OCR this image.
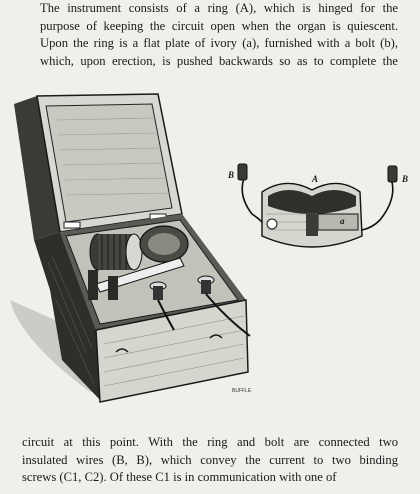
The instrument consists of a ring (A), which is hinged for the
purpose of keeping the circuit open when the organ is quiescent.
Upon the ring is a flat plate of ivory (a), furnished with a bolt (b),
which, upon erection, is pushed backwards so as to complete the
BUFFLE
B	B
A
a
circuit at this point. With the ring and bolt are connected two
insulated wires (B, B), which convey the current to two binding
screws (C1, C2). Of these C1 is in communication with one of
